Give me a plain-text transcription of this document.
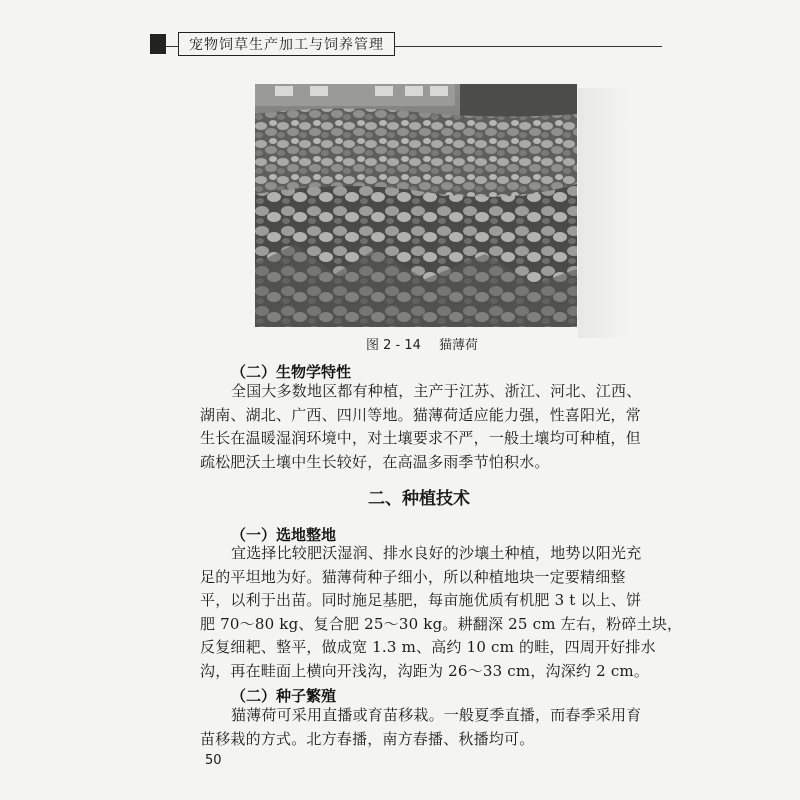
宠物饲草生产加工与饲养管理
图 2 - 14 猫薄荷
（二）生物学特性
全国大多数地区都有种植，主产于江苏、浙江、河北、江西、
湖南、湖北、广西、四川等地。猫薄荷适应能力强，性喜阳光，常
生长在温暖湿润环境中，对土壤要求不严，一般土壤均可种植，但
疏松肥沃土壤中生长较好，在高温多雨季节怕积水。
二、种植技术
（一）选地整地
宜选择比较肥沃湿润、排水良好的沙壤土种植，地势以阳光充
足的平坦地为好。猫薄荷种子细小，所以种植地块一定要精细整
平，以利于出苗。同时施足基肥，每亩施优质有机肥 3 t 以上、饼
肥 70～80 kg、复合肥 25～30 kg。耕翻深 25 cm 左右，粉碎土块，
反复细耙、整平，做成宽 1.3 m、高约 10 cm 的畦，四周开好排水
沟，再在畦面上横向开浅沟，沟距为 26～33 cm，沟深约 2 cm。
（二）种子繁殖
猫薄荷可采用直播或育苗移栽。一般夏季直播，而春季采用育
苗移栽的方式。北方春播，南方春播、秋播均可。
50
